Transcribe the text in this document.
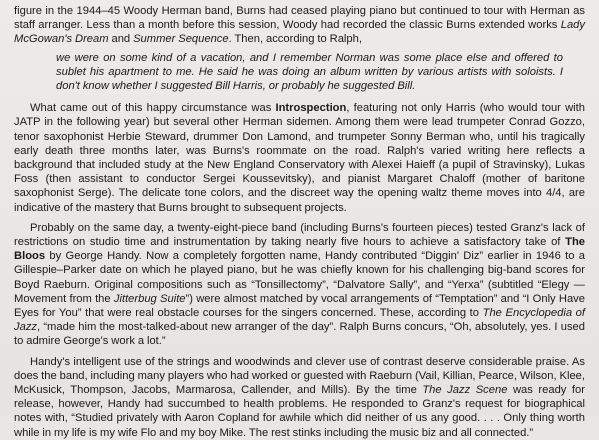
figure in the 1944–45 Woody Herman band, Burns had ceased playing piano but continued to tour with Herman as staff arranger. Less than a month before this session, Woody had recorded the classic Burns extended works Lady McGowan's Dream and Summer Sequence. Then, according to Ralph,

we were on some kind of a vacation, and I remember Norman was some place else and offered to sublet his apartment to me. He said he was doing an album written by various artists with soloists. I don't know whether I suggested Bill Harris, or probably he suggested Bill.

What came out of this happy circumstance was Introspection, featuring not only Harris (who would tour with JATP in the following year) but several other Herman sidemen. Among them were lead trumpeter Conrad Gozzo, tenor saxophonist Herbie Steward, drummer Don Lamond, and trumpeter Sonny Berman who, until his tragically early death three months later, was Burns's roommate on the road. Ralph's varied writing here reflects a background that included study at the New England Conservatory with Alexei Haieff (a pupil of Stravinsky), Lukas Foss (then assistant to conductor Sergei Koussevitsky), and pianist Margaret Chaloff (mother of baritone saxophonist Serge). The delicate tone colors, and the discreet way the opening waltz theme moves into 4/4, are indicative of the mastery that Burns brought to subsequent projects.

Probably on the same day, a twenty-eight-piece band (including Burns's fourteen pieces) tested Granz's lack of restrictions on studio time and instrumentation by taking nearly five hours to achieve a satisfactory take of The Bloos by George Handy. Now a completely forgotten name, Handy contributed “Diggin' Diz” earlier in 1946 to a Gillespie–Parker date on which he played piano, but he was chiefly known for his challenging big-band scores for Boyd Raeburn. Original compositions such as “Tonsillectomy”, “Dalvatore Sally”, and “Yerxa” (subtitled “Elegy — Movement from the Jitterbug Suite”) were almost matched by vocal arrangements of “Temptation” and “I Only Have Eyes for You” that were real obstacle courses for the singers concerned. These, according to The Encyclopedia of Jazz, “made him the most-talked-about new arranger of the day”. Ralph Burns concurs, “Oh, absolutely, yes. I used to admire George's work a lot.”

Handy's intelligent use of the strings and woodwinds and clever use of contrast deserve considerable praise. As does the band, including many players who had worked or guested with Raeburn (Vail, Killian, Pearce, Wilson, Klee, McKusick, Thompson, Jacobs, Marmarosa, Callender, and Mills). By the time The Jazz Scene was ready for release, however, Handy had succumbed to health problems. He responded to Granz's request for biographical notes with, “Studied privately with Aaron Copland for awhile which did neither of us any good. . . . Only thing worth while in my life is my wife Flo and my boy Mike. The rest stinks including the music biz and all connected.”
